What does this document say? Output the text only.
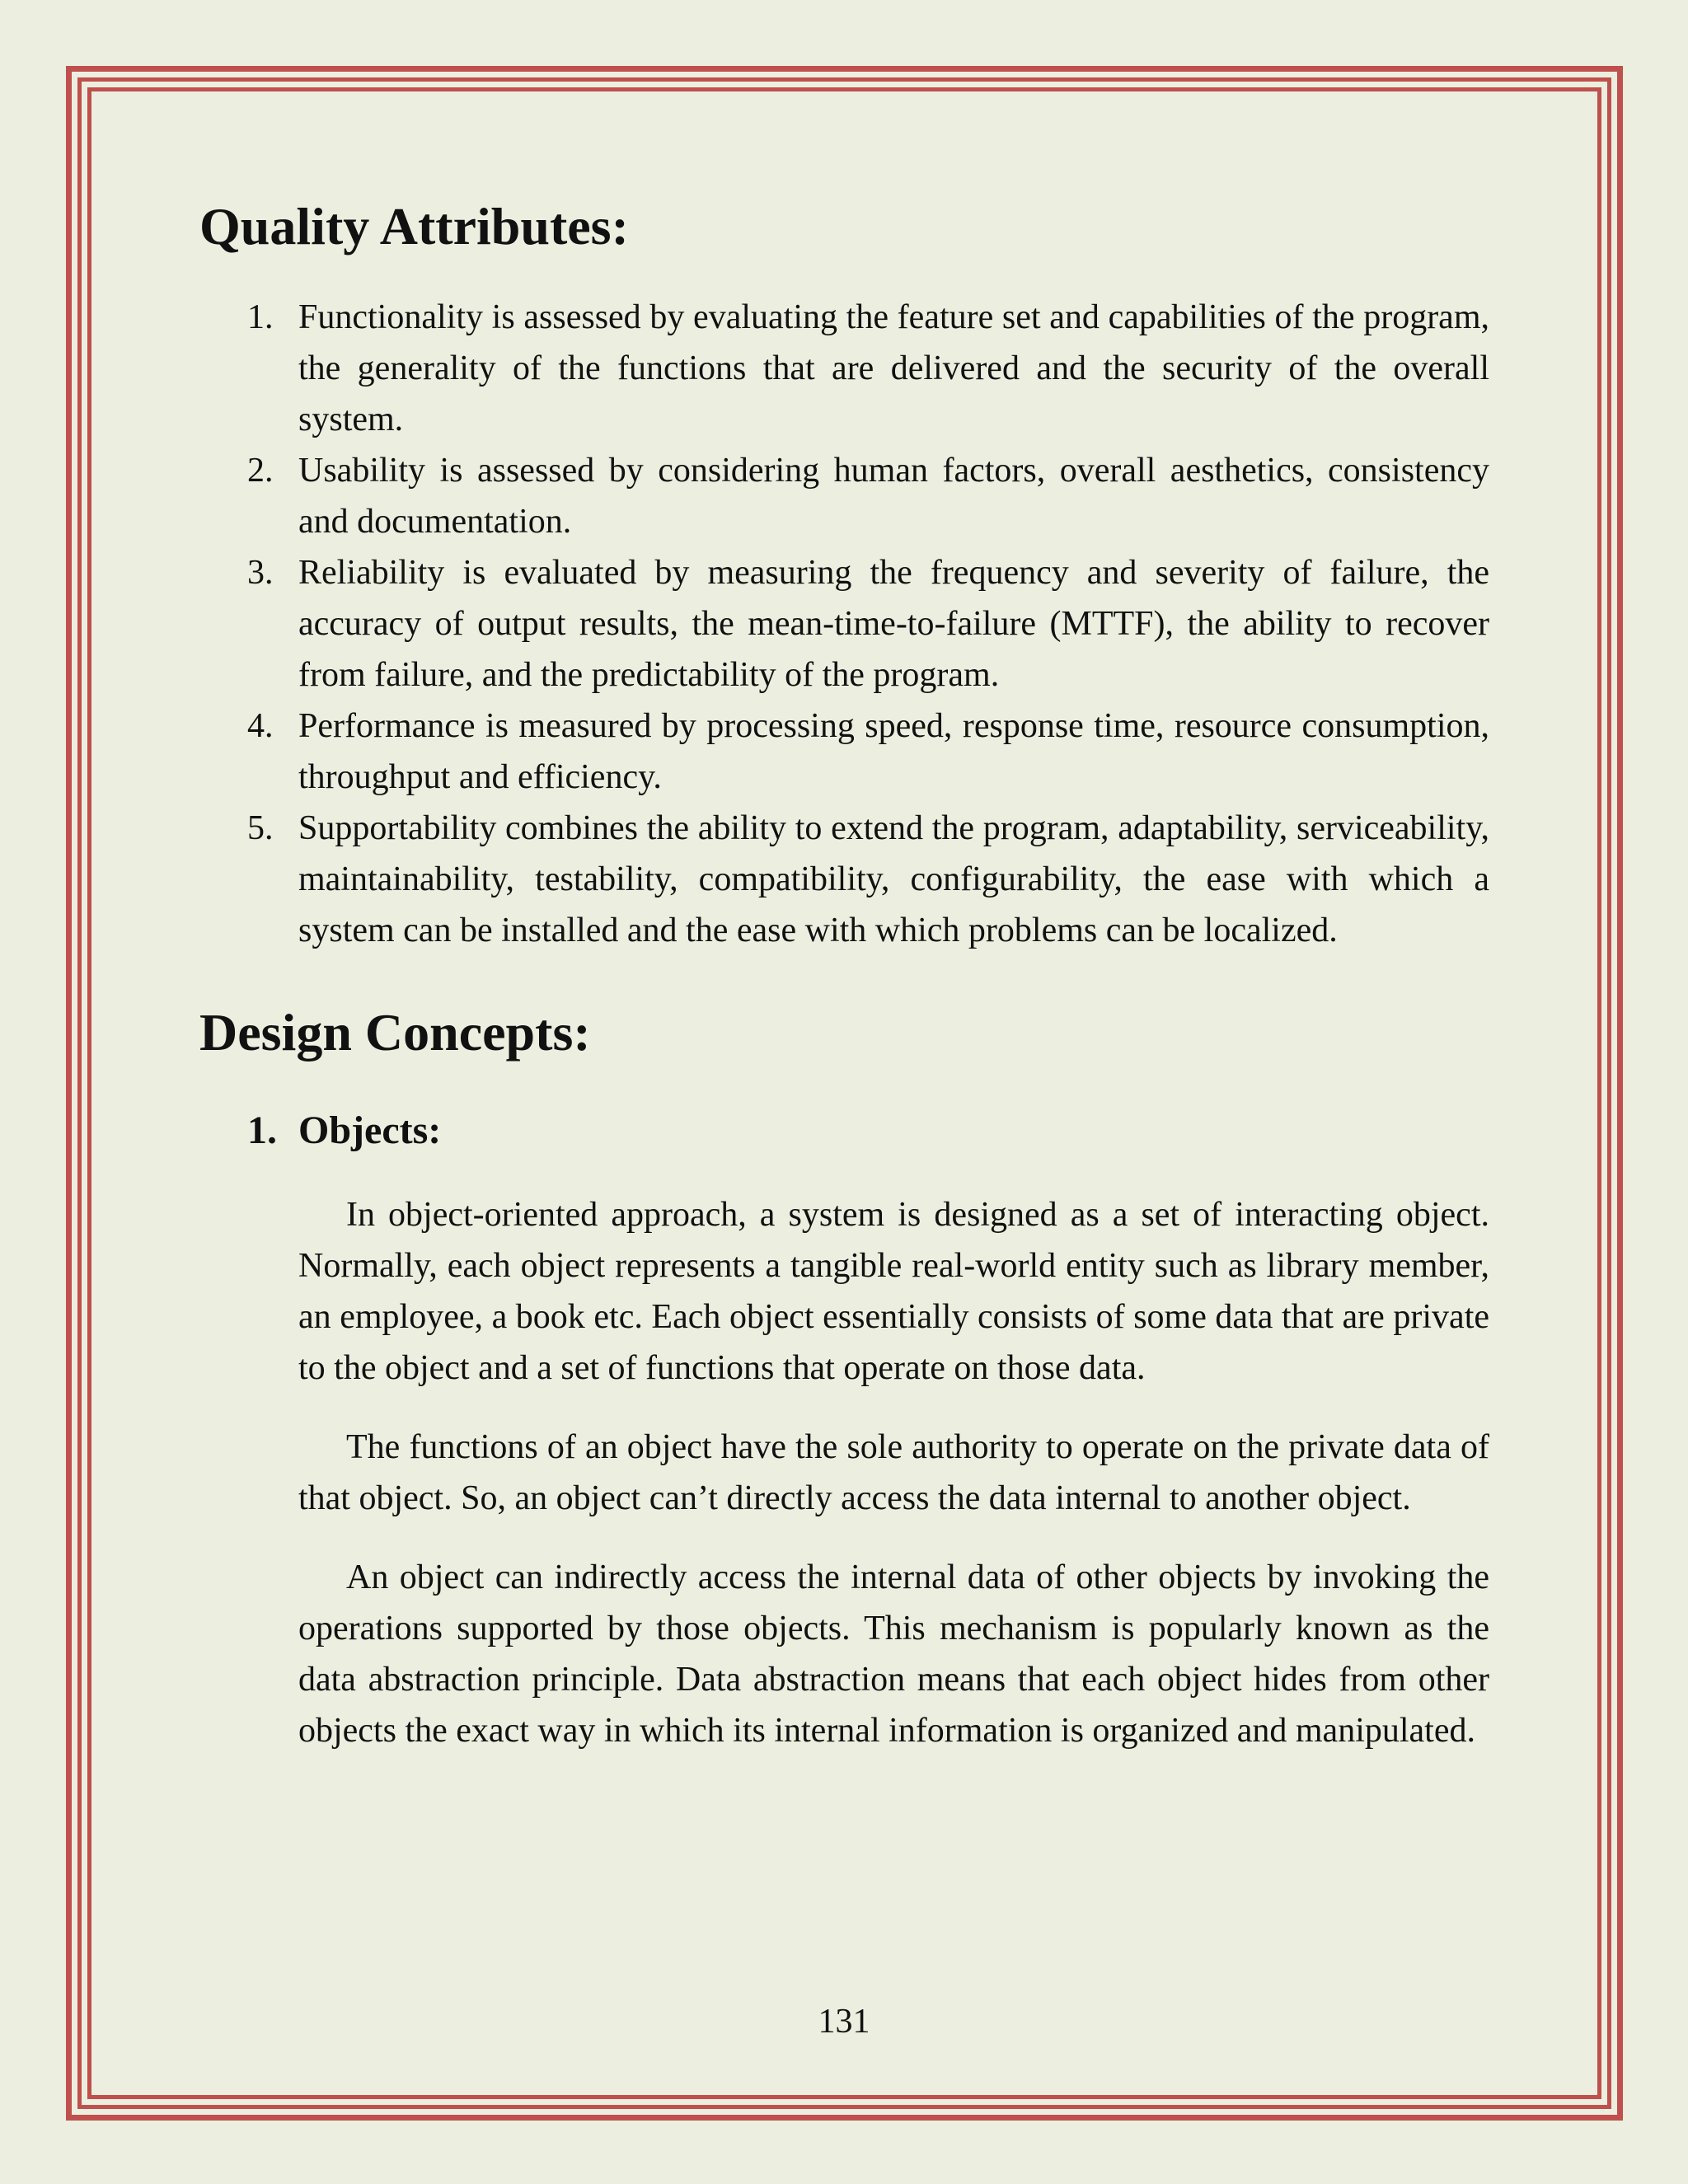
Quality Attributes:
1. Functionality is assessed by evaluating the feature set and capabilities of the program, the generality of the functions that are delivered and the security of the overall system.
2. Usability is assessed by considering human factors, overall aesthetics, consistency and documentation.
3. Reliability is evaluated by measuring the frequency and severity of failure, the accuracy of output results, the mean-time-to-failure (MTTF), the ability to recover from failure, and the predictability of the program.
4. Performance is measured by processing speed, response time, resource consumption, throughput and efficiency.
5. Supportability combines the ability to extend the program, adaptability, serviceability, maintainability, testability, compatibility, configurability, the ease with which a system can be installed and the ease with which problems can be localized.
Design Concepts:
1. Objects:

In object-oriented approach, a system is designed as a set of interacting object. Normally, each object represents a tangible real-world entity such as library member, an employee, a book etc. Each object essentially consists of some data that are private to the object and a set of functions that operate on those data.

The functions of an object have the sole authority to operate on the private data of that object. So, an object can’t directly access the data internal to another object.

An object can indirectly access the internal data of other objects by invoking the operations supported by those objects. This mechanism is popularly known as the data abstraction principle. Data abstraction means that each object hides from other objects the exact way in which its internal information is organized and manipulated.

131
